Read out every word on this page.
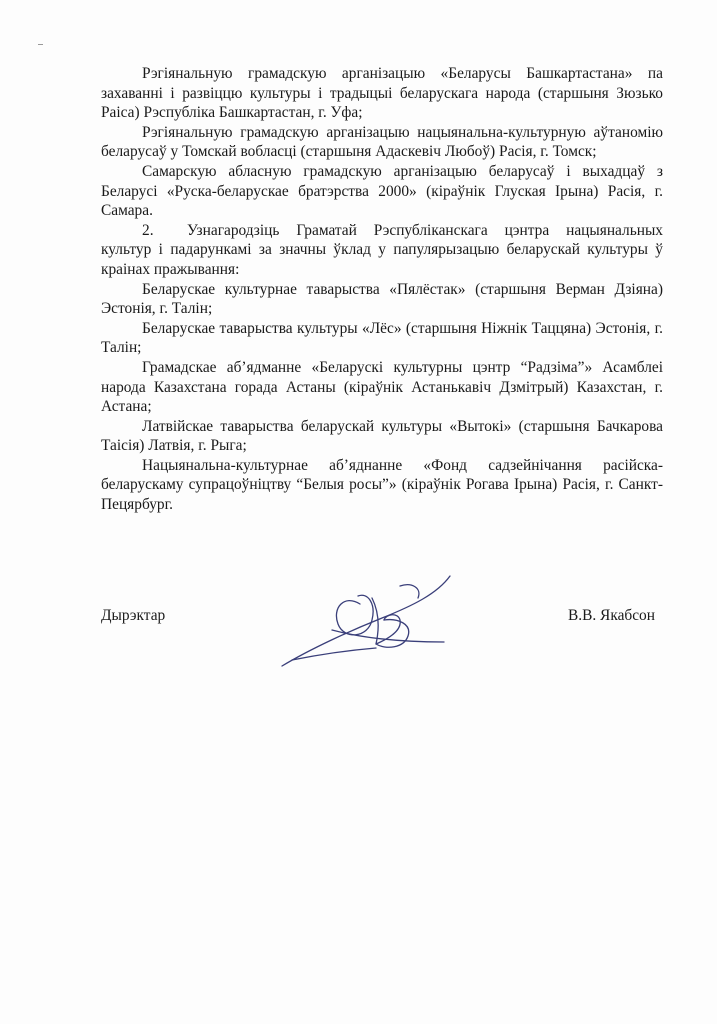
Рэгіянальную грамадскую арганізацыю «Беларусы Башкартастана» па захаванні і развіццю культуры і традыцыі беларускага народа (старшыня Зюзько Раіса) Рэспубліка Башкартастан, г. Уфа;

Рэгіянальную грамадскую арганізацыю нацыянальна-культурную аўтаномію беларусаў у Томскай вобласці (старшыня Адаскевіч Любоў) Расія, г. Томск;

Самарскую абласную грамадскую арганізацыю беларусаў і выхадцаў з Беларусі «Руска-беларускае братэрства 2000» (кіраўнік Глуская Ірына) Расія, г. Самара.

2. Узнагародзіць Граматай Рэспубліканскага цэнтра нацыянальных культур і падарункамі за значны ўклад у папулярызацыю беларускай культуры ў краінах пражывання:

Беларускае культурнае таварыства «Пялёстак» (старшыня Верман Дзіяна) Эстонія, г. Талін;

Беларускае таварыства культуры «Лёс» (старшыня Ніжнік Таццяна) Эстонія, г. Талін;

Грамадскае аб’ядманне «Беларускі культурны цэнтр “Радзіма”» Асамблеі народа Казахстана горада Астаны (кіраўнік Астанькавіч Дзмітрый) Казахстан, г. Астана;

Латвійскае таварыства беларускай культуры «Вытокі» (старшыня Бачкарова Таісія) Латвія, г. Рыга;

Нацыянальна-культурнае аб’яднанне «Фонд садзейнічання расійска-беларускаму супрацоўніцтву “Белыя росы”» (кіраўнік Рогава Ірына) Расія, г. Санкт-Пецярбург.

Дырэктар	В.В. Якабсон
